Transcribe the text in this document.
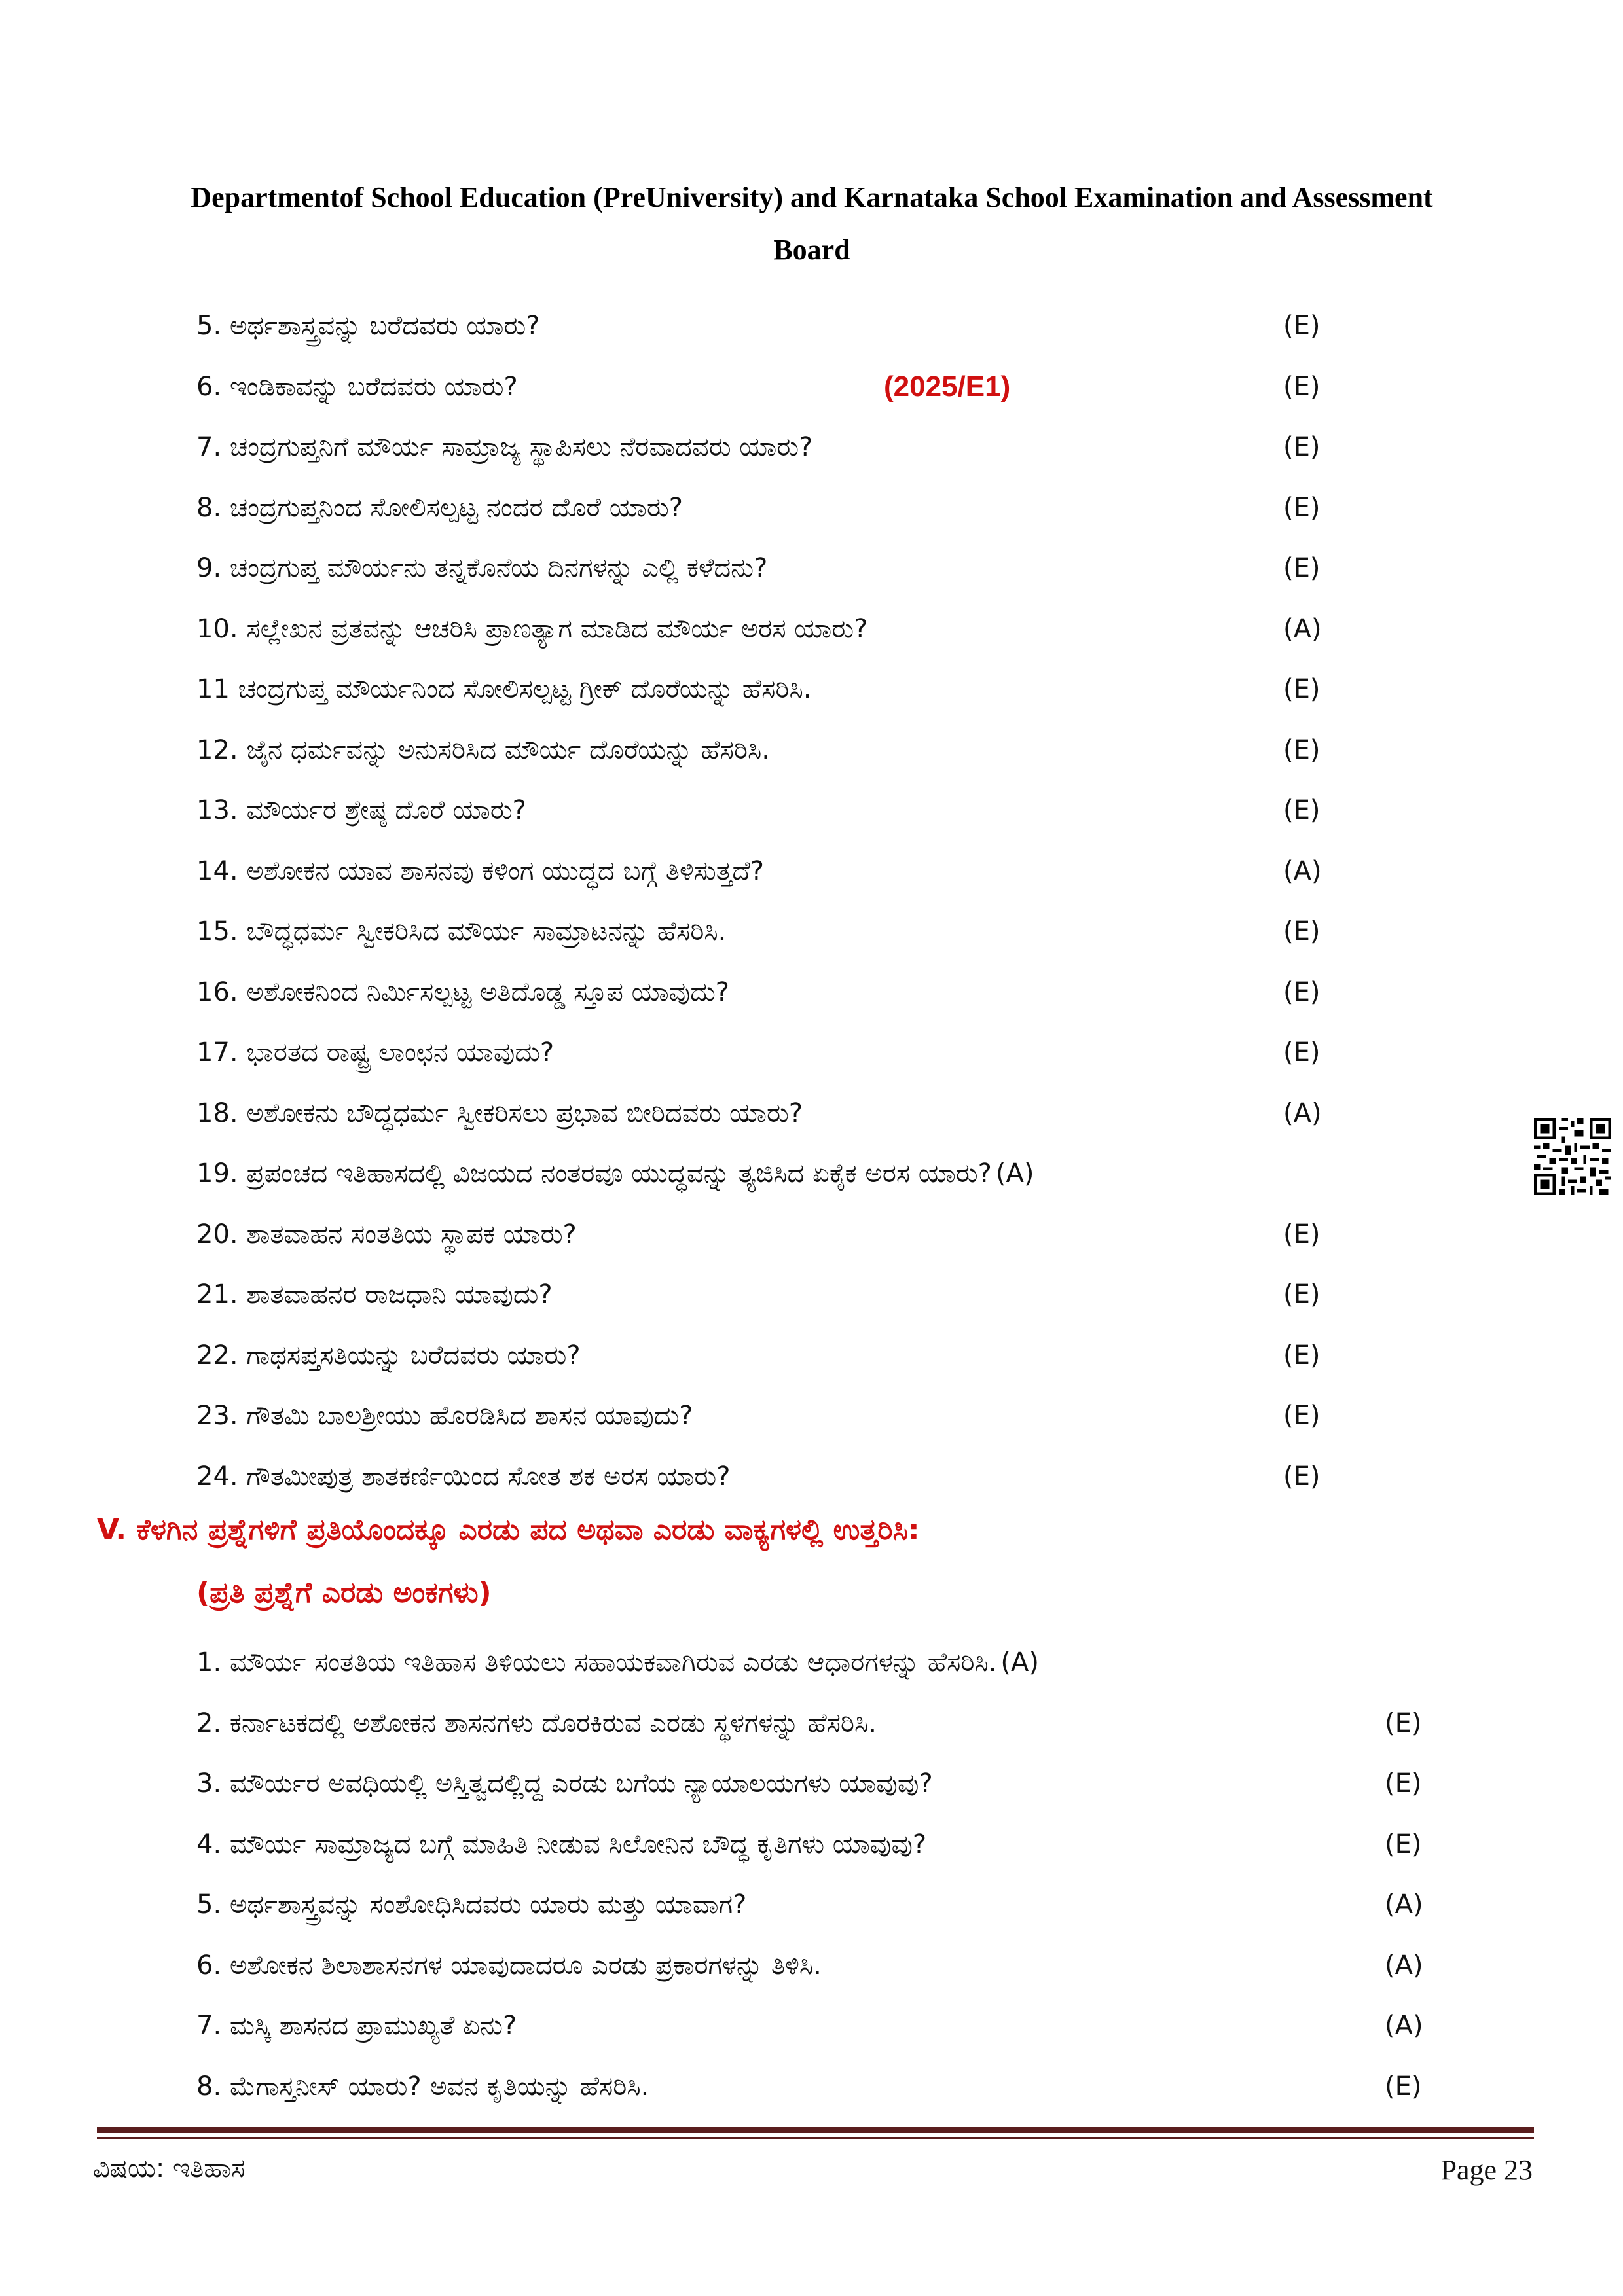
Departmentof School Education (PreUniversity) and Karnataka School Examination and Assessment
Board
5. ಅರ್ಥಶಾಸ್ತ್ರವನ್ನು ಬರೆದವರು ಯಾರು?	(E)
6. ಇಂಡಿಕಾವನ್ನು ಬರೆದವರು ಯಾರು?	(2025/E1)	(E)
7. ಚಂದ್ರಗುಪ್ತನಿಗೆ ಮೌರ್ಯ ಸಾಮ್ರಾಜ್ಯ ಸ್ಥಾಪಿಸಲು ನೆರವಾದವರು ಯಾರು?	(E)
8. ಚಂದ್ರಗುಪ್ತನಿಂದ ಸೋಲಿಸಲ್ಪಟ್ಟ ನಂದರ ದೊರೆ ಯಾರು?	(E)
9. ಚಂದ್ರಗುಪ್ತ ಮೌರ್ಯನು ತನ್ನಕೊನೆಯ ದಿನಗಳನ್ನು ಎಲ್ಲಿ ಕಳೆದನು?	(E)
10. ಸಲ್ಲೇಖನ ವ್ರತವನ್ನು ಆಚರಿಸಿ ಪ್ರಾಣತ್ಯಾಗ ಮಾಡಿದ ಮೌರ್ಯ ಅರಸ ಯಾರು?	(A)
11 ಚಂದ್ರಗುಪ್ತ ಮೌರ್ಯನಿಂದ ಸೋಲಿಸಲ್ಪಟ್ಟ ಗ್ರೀಕ್ ದೊರೆಯನ್ನು ಹೆಸರಿಸಿ.	(E)
12. ಜೈನ ಧರ್ಮವನ್ನು ಅನುಸರಿಸಿದ ಮೌರ್ಯ ದೊರೆಯನ್ನು ಹೆಸರಿಸಿ.	(E)
13. ಮೌರ್ಯರ ಶ್ರೇಷ್ಠ ದೊರೆ ಯಾರು?	(E)
14. ಅಶೋಕನ ಯಾವ ಶಾಸನವು ಕಳಿಂಗ ಯುದ್ಧದ ಬಗ್ಗೆ ತಿಳಿಸುತ್ತದೆ?	(A)
15. ಬೌದ್ಧಧರ್ಮ ಸ್ವೀಕರಿಸಿದ ಮೌರ್ಯ ಸಾಮ್ರಾಟನನ್ನು ಹೆಸರಿಸಿ.	(E)
16. ಅಶೋಕನಿಂದ ನಿರ್ಮಿಸಲ್ಪಟ್ಟ ಅತಿದೊಡ್ಡ ಸ್ತೂಪ ಯಾವುದು?	(E)
17. ಭಾರತದ ರಾಷ್ಟ್ರ ಲಾಂಛನ ಯಾವುದು?	(E)
18. ಅಶೋಕನು ಬೌದ್ಧಧರ್ಮ ಸ್ವೀಕರಿಸಲು ಪ್ರಭಾವ ಬೀರಿದವರು ಯಾರು?	(A)
19. ಪ್ರಪಂಚದ ಇತಿಹಾಸದಲ್ಲಿ ವಿಜಯದ ನಂತರವೂ ಯುದ್ಧವನ್ನು ತ್ಯಜಿಸಿದ ಏಕೈಕ ಅರಸ ಯಾರು? (A)
20. ಶಾತವಾಹನ ಸಂತತಿಯ ಸ್ಥಾಪಕ ಯಾರು?	(E)
21. ಶಾತವಾಹನರ ರಾಜಧಾನಿ ಯಾವುದು?	(E)
22. ಗಾಥಸಪ್ತಸತಿಯನ್ನು ಬರೆದವರು ಯಾರು?	(E)
23. ಗೌತಮಿ ಬಾಲಶ್ರೀಯು ಹೊರಡಿಸಿದ ಶಾಸನ ಯಾವುದು?	(E)
24. ಗೌತಮೀಪುತ್ರ ಶಾತಕರ್ಣಿಯಿಂದ ಸೋತ ಶಕ ಅರಸ ಯಾರು?	(E)
V. ಕೆಳಗಿನ ಪ್ರಶ್ನೆಗಳಿಗೆ ಪ್ರತಿಯೊಂದಕ್ಕೂ ಎರಡು ಪದ ಅಥವಾ ಎರಡು ವಾಕ್ಯಗಳಲ್ಲಿ ಉತ್ತರಿಸಿ:
(ಪ್ರತಿ ಪ್ರಶ್ನೆಗೆ ಎರಡು ಅಂಕಗಳು)
1. ಮೌರ್ಯ ಸಂತತಿಯ ಇತಿಹಾಸ ತಿಳಿಯಲು ಸಹಾಯಕವಾಗಿರುವ ಎರಡು ಆಧಾರಗಳನ್ನು ಹೆಸರಿಸಿ. (A)
2. ಕರ್ನಾಟಕದಲ್ಲಿ ಅಶೋಕನ ಶಾಸನಗಳು ದೊರಕಿರುವ ಎರಡು ಸ್ಥಳಗಳನ್ನು ಹೆಸರಿಸಿ.	(E)
3. ಮೌರ್ಯರ ಅವಧಿಯಲ್ಲಿ ಅಸ್ತಿತ್ವದಲ್ಲಿದ್ದ ಎರಡು ಬಗೆಯ ನ್ಯಾಯಾಲಯಗಳು ಯಾವುವು?	(E)
4. ಮೌರ್ಯ ಸಾಮ್ರಾಜ್ಯದ ಬಗ್ಗೆ ಮಾಹಿತಿ ನೀಡುವ ಸಿಲೋನಿನ ಬೌದ್ಧ ಕೃತಿಗಳು ಯಾವುವು?	(E)
5. ಅರ್ಥಶಾಸ್ತ್ರವನ್ನು ಸಂಶೋಧಿಸಿದವರು ಯಾರು ಮತ್ತು ಯಾವಾಗ?	(A)
6. ಅಶೋಕನ ಶಿಲಾಶಾಸನಗಳ ಯಾವುದಾದರೂ ಎರಡು ಪ್ರಕಾರಗಳನ್ನು ತಿಳಿಸಿ.	(A)
7. ಮಸ್ಕಿ ಶಾಸನದ ಪ್ರಾಮುಖ್ಯತೆ ಏನು?	(A)
8. ಮೆಗಾಸ್ತನೀಸ್ ಯಾರು? ಅವನ ಕೃತಿಯನ್ನು ಹೆಸರಿಸಿ.	(E)
ವಿಷಯ: ಇತಿಹಾಸ	Page 23
